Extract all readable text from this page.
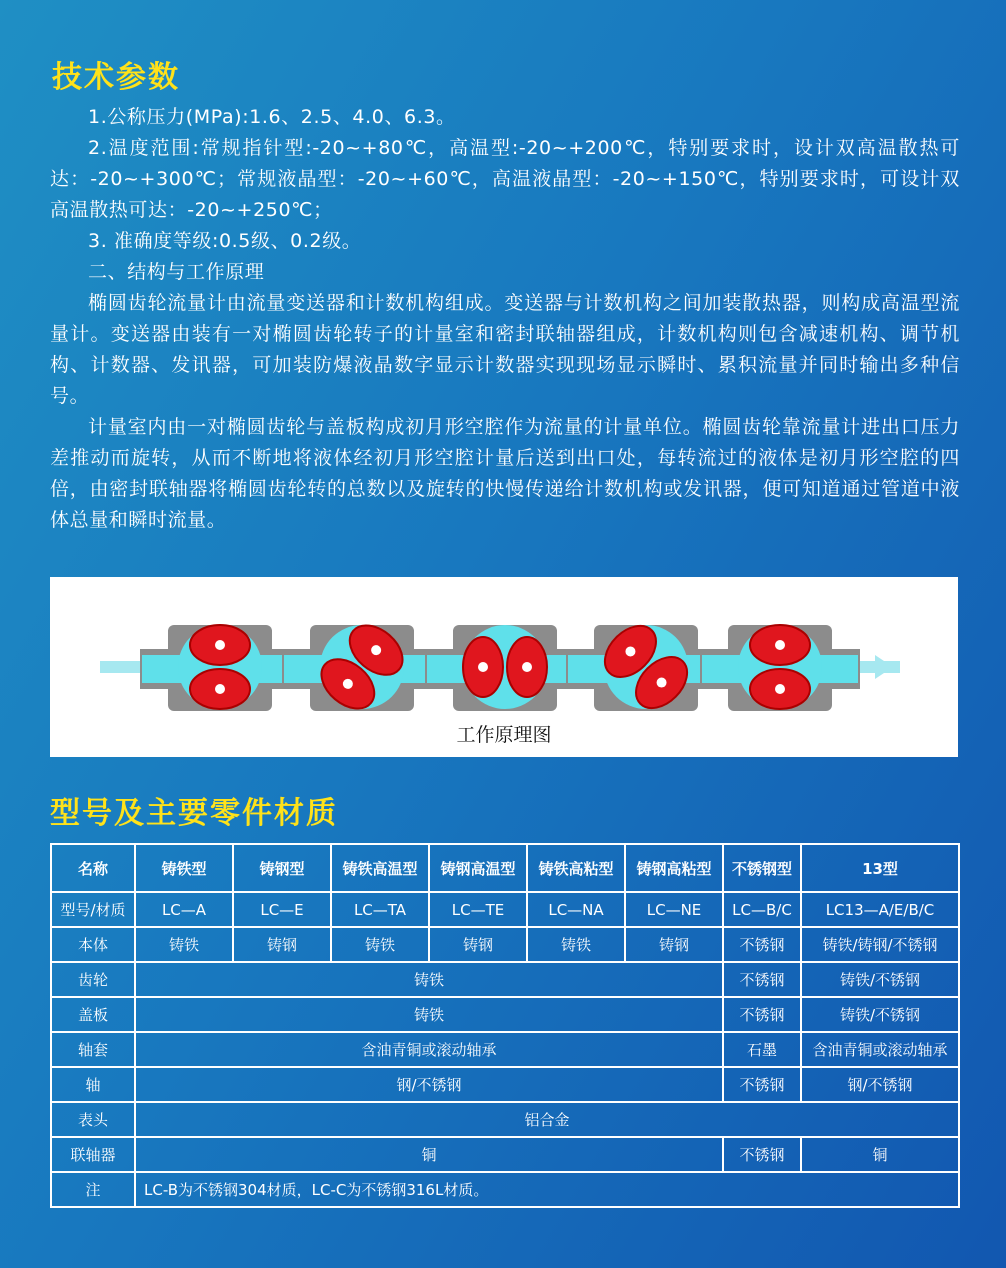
技术参数

1.公称压力(MPa):1.6、2.5、4.0、6.3。

2.温度范围:常规指针型:-20~+80℃，高温型:-20~+200℃，特别要求时，设计双高温散热可达：-20~+300℃；常规液晶型：-20~+60℃，高温液晶型：-20~+150℃，特别要求时，可设计双高温散热可达：-20~+250℃；

3. 准确度等级:0.5级、0.2级。

二、结构与工作原理

椭圆齿轮流量计由流量变送器和计数机构组成。变送器与计数机构之间加装散热器，则构成高温型流量计。变送器由装有一对椭圆齿轮转子的计量室和密封联轴器组成，计数机构则包含减速机构、调节机构、计数器、发讯器，可加装防爆液晶数字显示计数器实现现场显示瞬时、累积流量并同时输出多种信号。

计量室内由一对椭圆齿轮与盖板构成初月形空腔作为流量的计量单位。椭圆齿轮靠流量计进出口压力差推动而旋转，从而不断地将液体经初月形空腔计量后送到出口处，每转流过的液体是初月形空腔的四倍，由密封联轴器将椭圆齿轮转的总数以及旋转的快慢传递给计数机构或发讯器，便可知道通过管道中液体总量和瞬时流量。

工作原理图
型号及主要零件材质
名称	铸铁型	铸钢型	铸铁高温型	铸钢高温型	铸铁高粘型	铸钢高粘型	不锈钢型	13型
型号/材质	LC—A	LC—E	LC—TA	LC—TE	LC—NA	LC—NE	LC—B/C	LC13—A/E/B/C
本体	铸铁	铸钢	铸铁	铸钢	铸铁	铸钢	不锈钢	铸铁/铸钢/不锈钢
齿轮	铸铁						不锈钢	铸铁/不锈钢
盖板	铸铁						不锈钢	铸铁/不锈钢
轴套	含油青铜或滚动轴承						石墨	含油青铜或滚动轴承
轴	钢/不锈钢						不锈钢	钢/不锈钢
表头	铝合金							
联轴器	铜						不锈钢	铜
注	LC-B为不锈钢304材质，LC-C为不锈钢316L材质。							
